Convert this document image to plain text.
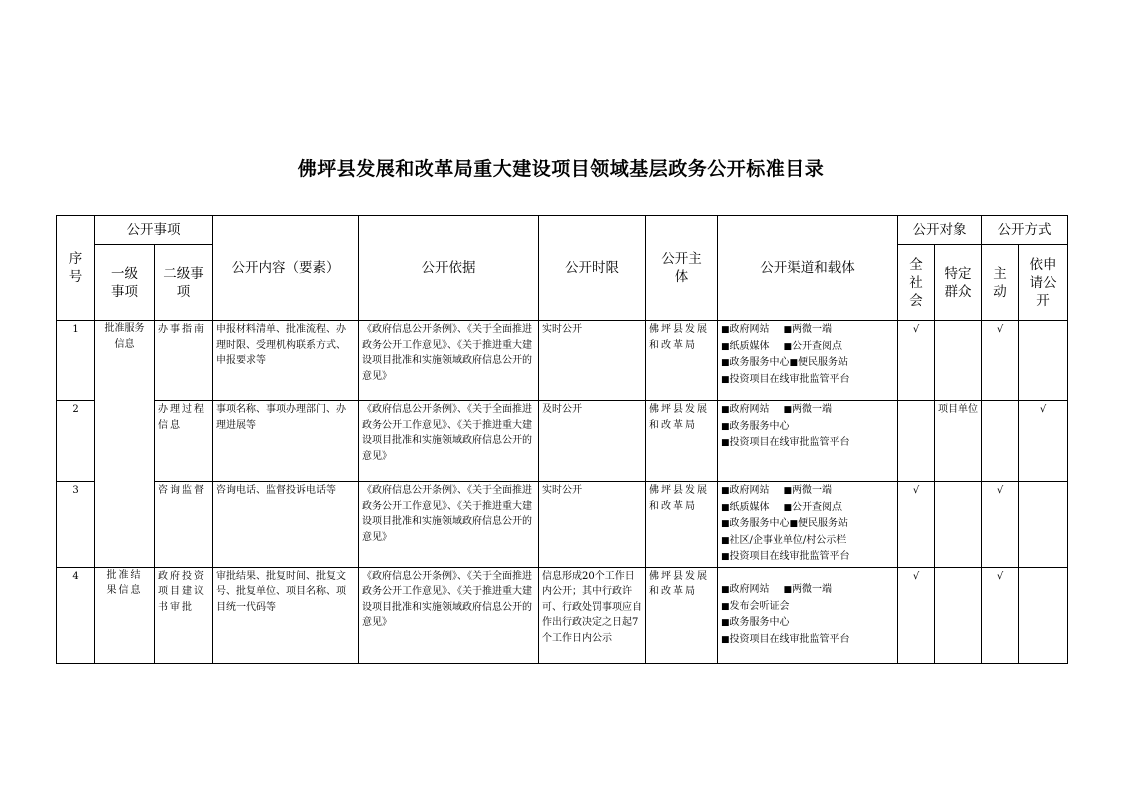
佛坪县发展和改革局重大建设项目领域基层政务公开标准目录
序号	公开事项		公开内容（要素）	公开依据	公开时限	公开主体	公开渠道和载体	公开对象		公开方式	
	一级事项	二级事项						全社会	特定群众	主动	依申请公开
1	批准服务信息	办事指南	申报材料清单、批准流程、办理时限、受理机构联系方式、申报要求等	《政府信息公开条例》、《关于全面推进政务公开工作意见》、《关于推进重大建设项目批准和实施领域政府信息公开的意见》	实时公开	佛坪县发展和改革局	■政府网站 ■两微一端
■纸质媒体 ■公开查阅点
■政务服务中心■便民服务站
■投资项目在线审批监管平台	√		√	
2		办理过程信息	事项名称、事项办理部门、办理进展等	《政府信息公开条例》、《关于全面推进政务公开工作意见》、《关于推进重大建设项目批准和实施领域政府信息公开的意见》	及时公开	佛坪县发展和改革局	■政府网站 ■两微一端
■政务服务中心
■投资项目在线审批监管平台		项目单位		√
3		咨询监督	咨询电话、监督投诉电话等	《政府信息公开条例》、《关于全面推进政务公开工作意见》、《关于推进重大建设项目批准和实施领域政府信息公开的意见》	实时公开	佛坪县发展和改革局	■政府网站 ■两微一端
■纸质媒体 ■公开查阅点
■政务服务中心■便民服务站
■社区/企事业单位/村公示栏
■投资项目在线审批监管平台	√		√	
4	批准结果信息	政府投资项目建议书审批	审批结果、批复时间、批复文号、批复单位、项目名称、项目统一代码等	《政府信息公开条例》、《关于全面推进政务公开工作意见》、《关于推进重大建设项目批准和实施领域政府信息公开的意见》	信息形成20个工作日内公开；其中行政许可、行政处罚事项应自作出行政决定之日起7个工作日内公示	佛坪县发展和改革局	■政府网站 ■两微一端
■发布会听证会
■政务服务中心
■投资项目在线审批监管平台	√		√	
